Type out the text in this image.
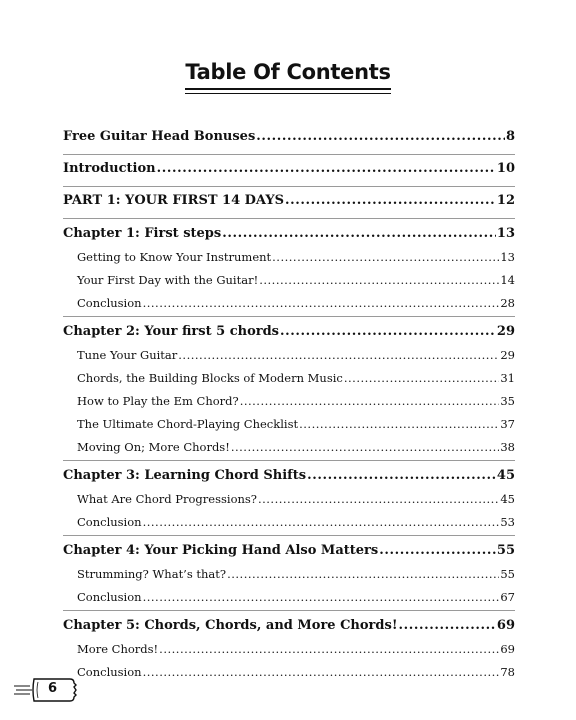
Table Of Contents
Free Guitar Head Bonuses .....	8
Introduction .....	10
PART 1: YOUR FIRST 14 DAYS .....	12
Chapter 1: First steps .....	13
Getting to Know Your Instrument .....	13
Your First Day with the Guitar! .....	14
Conclusion .....	28
Chapter 2: Your first 5 chords .....	29
Tune Your Guitar .....	29
Chords, the Building Blocks of Modern Music .....	31
How to Play the Em Chord? .....	35
The Ultimate Chord-Playing Checklist .....	37
Moving On; More Chords! .....	38
Chapter 3: Learning Chord Shifts .....	45
What Are Chord Progressions? .....	45
Conclusion .....	53
Chapter 4: Your Picking Hand Also Matters .....	55
Strumming? What’s that? .....	55
Conclusion .....	67
Chapter 5: Chords, Chords, and More Chords! .....	69
More Chords! .....	69
Conclusion .....	78
6
